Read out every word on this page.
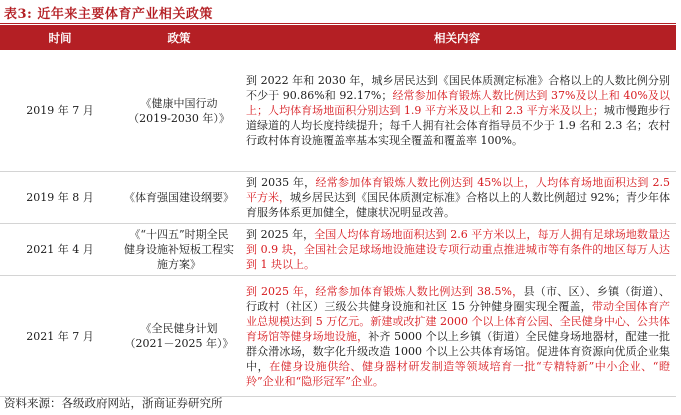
表3: 近年来主要体育产业相关政策
时间	政策	相关内容
2019 年 7 月	《健康中国行动（2019-2030 年）》	到 2022 年和 2030 年，城乡居民达到《国民体质测定标准》合格以上的人数比例分别不少于 90.86%和 92.17%；经常参加体育锻炼人数比例达到 37%及以上和 40%及以上；人均体育场地面积分别达到 1.9 平方米及以上和 2.3 平方米及以上；城市慢跑步行道绿道的人均长度持续提升；每千人拥有社会体育指导员不少于 1.9 名和 2.3 名；农村行政村体育设施覆盖率基本实现全覆盖和覆盖率 100%。
2019 年 8 月	《体育强国建设纲要》	到 2035 年，经常参加体育锻炼人数比例达到 45%以上，人均体育场地面积达到 2.5 平方米，城乡居民达到《国民体质测定标准》合格以上的人数比例超过 92%；青少年体育服务体系更加健全，健康状况明显改善。
2021 年 4 月	《“十四五”时期全民健身设施补短板工程实施方案》	到 2025 年，全国人均体育场地面积达到 2.6 平方米以上，每万人拥有足球场地数量达到 0.9 块，全国社会足球场地设施建设专项行动重点推进城市等有条件的地区每万人达到 1 块以上。
2021 年 7 月	《全民健身计划（2021－2025 年）》	到 2025 年，经常参加体育锻炼人数比例达到 38.5%，县（市、区）、乡镇（街道）、行政村（社区）三级公共健身设施和社区 15 分钟健身圈实现全覆盖，带动全国体育产业总规模达到 5 万亿元。新建或改扩建 2000 个以上体育公园、全民健身中心、公共体育场馆等健身场地设施，补齐 5000 个以上乡镇（街道）全民健身场地器材，配建一批群众滑冰场，数字化升级改造 1000 个以上公共体育场馆。促进体育资源向优质企业集中，在健身设施供给、健身器材研发制造等领域培育一批“专精特新”中小企业、“瞪羚”企业和“隐形冠军”企业。
资料来源：各级政府网站，浙商证券研究所
